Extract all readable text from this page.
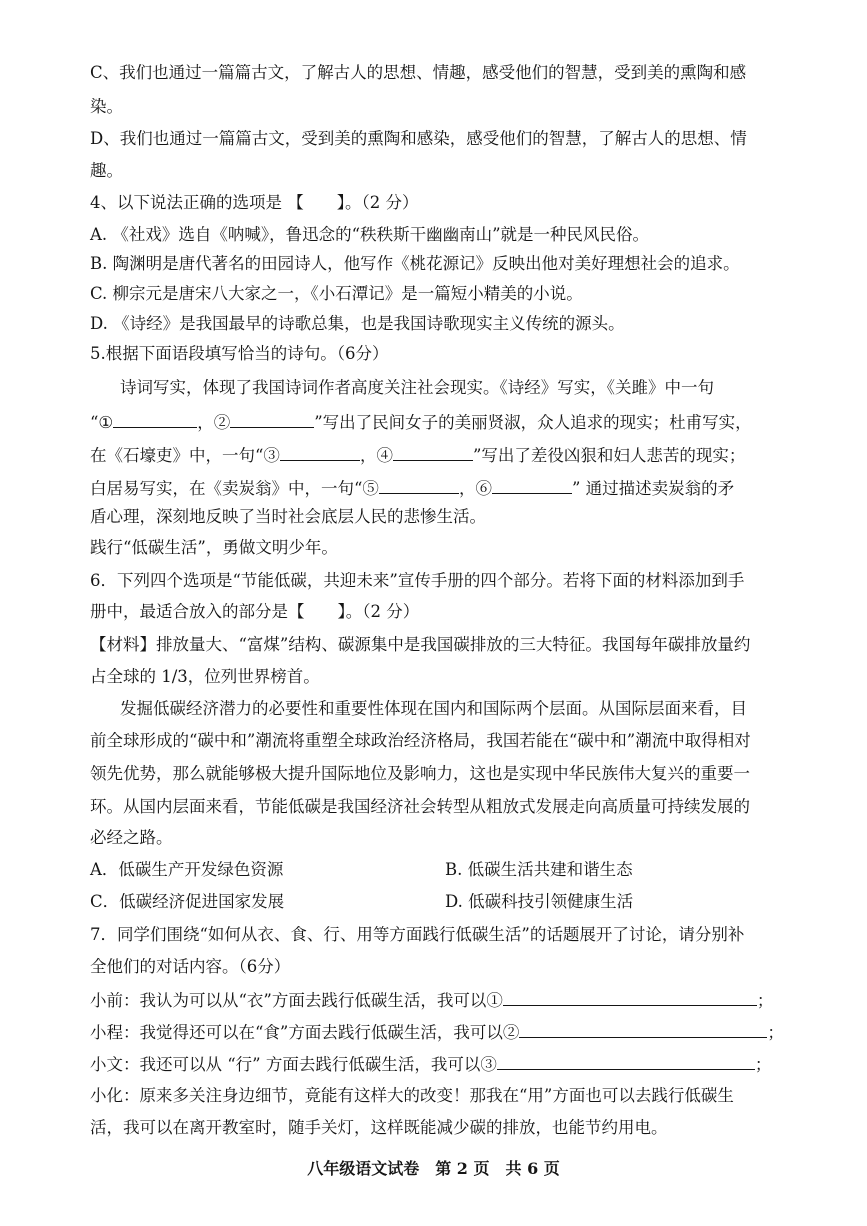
C、我们也通过一篇篇古文，了解古人的思想、情趣，感受他们的智慧，受到美的熏陶和感
染。
D、我们也通过一篇篇古文，受到美的熏陶和感染，感受他们的智慧，了解古人的思想、情
趣。
4、以下说法正确的选项是 【　　】。（2 分）
A. 《社戏》选自《呐喊》，鲁迅念的“秩秩斯干幽幽南山”就是一种民风民俗。
B. 陶渊明是唐代著名的田园诗人，他写作《桃花源记》反映出他对美好理想社会的追求。
C. 柳宗元是唐宋八大家之一，《小石潭记》是一篇短小精美的小说。
D. 《诗经》是我国最早的诗歌总集，也是我国诗歌现实主义传统的源头。
5.根据下面语段填写恰当的诗句。（6分）
诗词写实，体现了我国诗词作者高度关注社会现实。《诗经》写实，《关雎》中一句
“①	，②	”写出了民间女子的美丽贤淑，众人追求的现实；杜甫写实，
在《石壕吏》中，一句“③	，④	”写出了差役凶狠和妇人悲苦的现实；
白居易写实，在《卖炭翁》中，一句“⑤	，⑥	” 通过描述卖炭翁的矛
盾心理，深刻地反映了当时社会底层人民的悲惨生活。
践行“低碳生活”，勇做文明少年。
6．下列四个选项是“节能低碳，共迎未来”宣传手册的四个部分。若将下面的材料添加到手
册中，最适合放入的部分是【　　】。（2 分）
【材料】排放量大、“富煤”结构、碳源集中是我国碳排放的三大特征。我国每年碳排放量约
占全球的 1/3，位列世界榜首。
发掘低碳经济潜力的必要性和重要性体现在国内和国际两个层面。从国际层面来看，目
前全球形成的“碳中和”潮流将重塑全球政治经济格局，我国若能在“碳中和”潮流中取得相对
领先优势，那么就能够极大提升国际地位及影响力，这也是实现中华民族伟大复兴的重要一
环。从国内层面来看，节能低碳是我国经济社会转型从粗放式发展走向高质量可持续发展的
必经之路。
A．低碳生产开发绿色资源	B. 低碳生活共建和谐生态
C．低碳经济促进国家发展	D. 低碳科技引领健康生活
7．同学们围绕“如何从衣、食、行、用等方面践行低碳生活”的话题展开了讨论，请分别补
全他们的对话内容。（6分）
小前：我认为可以从“衣”方面去践行低碳生活，我可以①	；
小程：我觉得还可以在“食”方面去践行低碳生活，我可以②	；
小文：我还可以从 “行” 方面去践行低碳生活，我可以③	；
小化：原来多关注身边细节，竟能有这样大的改变！那我在“用”方面也可以去践行低碳生
活，我可以在离开教室时，随手关灯，这样既能减少碳的排放，也能节约用电。
八年级语文试卷　第 2 页　共 6 页
